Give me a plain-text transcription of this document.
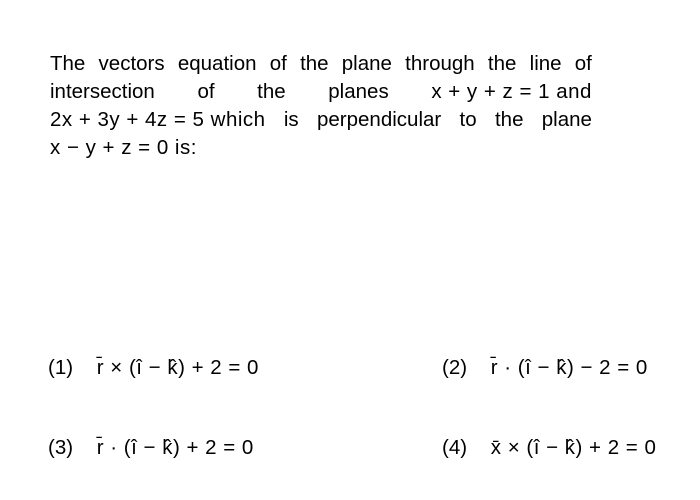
The vectors equation of the plane through the line of
intersection of the planes x + y + z = 1 and
2x + 3y + 4z = 5 which is perpendicular to the plane
x − y + z = 0 is:
(1) r̄ × (î − k̂) + 2 = 0	(2) r̄ · (î − k̂) − 2 = 0
(3) r̄ · (î − k̂) + 2 = 0	(4) x̄ × (î − k̂) + 2 = 0
